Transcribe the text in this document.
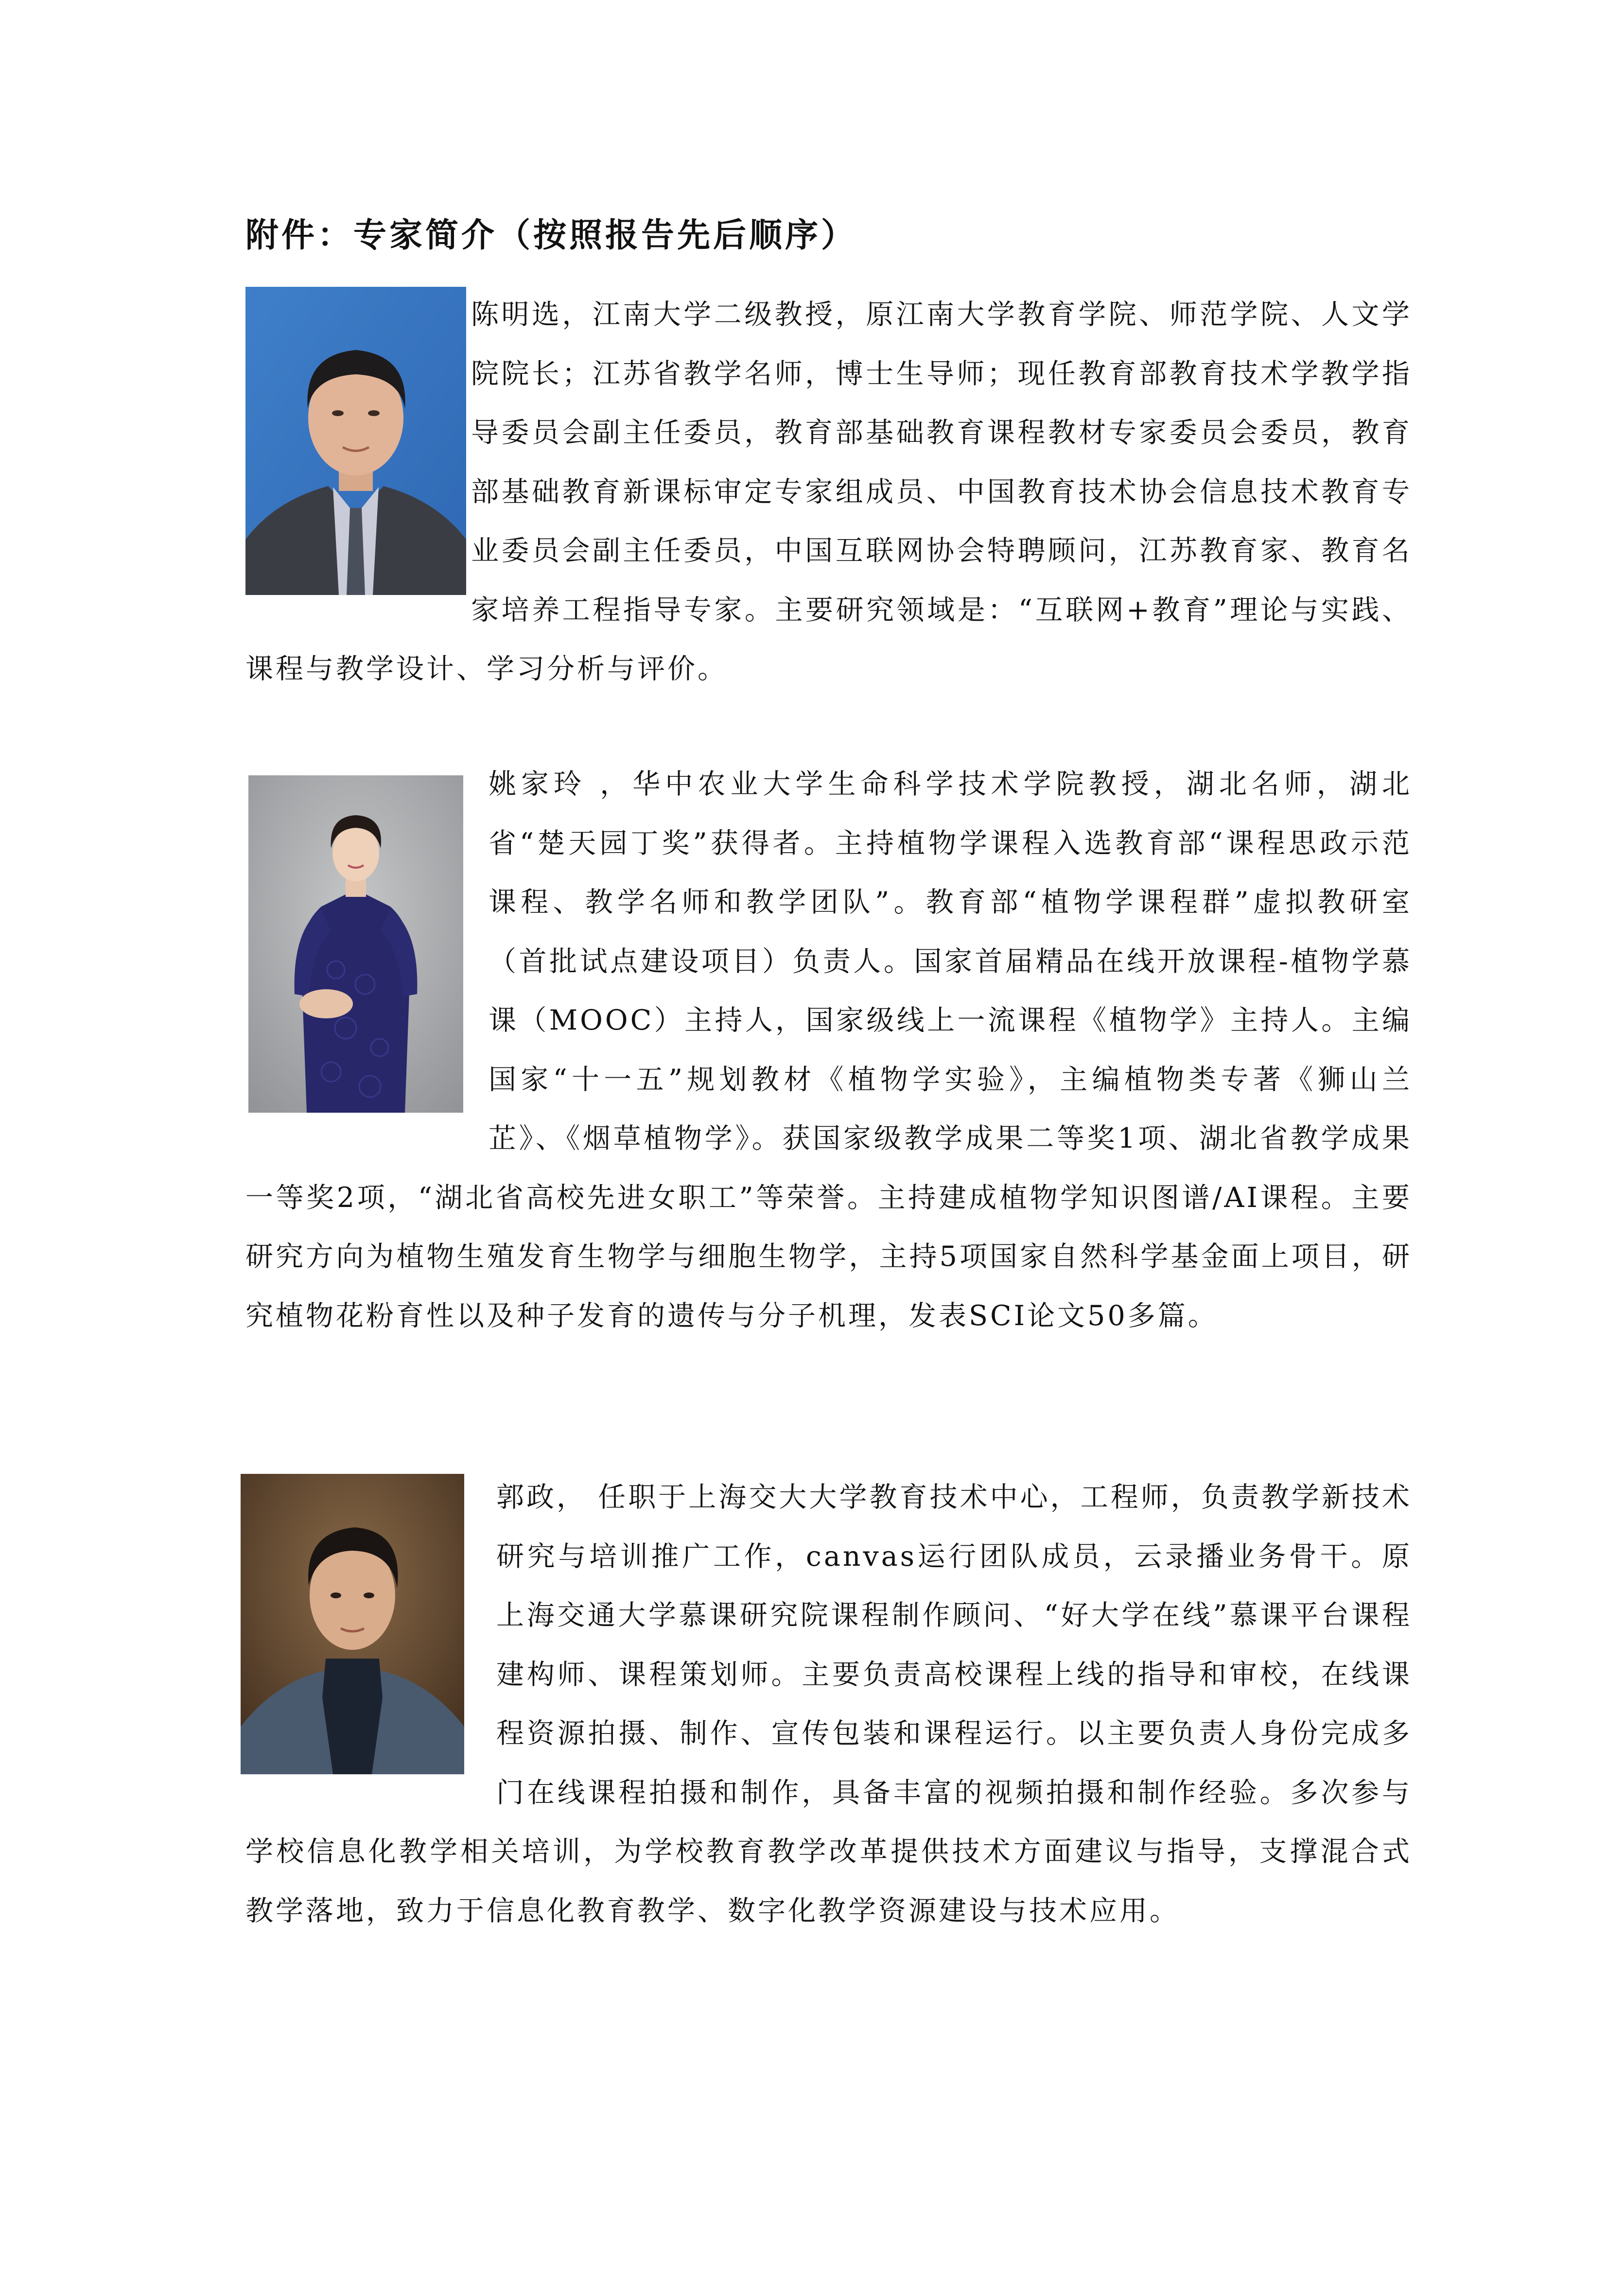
附件：专家简介（按照报告先后顺序）

陈明选，江南大学二级教授，原江南大学教育学院、师范学院、人文学院院长；江苏省教学名师，博士生导师；现任教育部教育技术学教学指导委员会副主任委员，教育部基础教育课程教材专家委员会委员，教育部基础教育新课标审定专家组成员、中国教育技术协会信息技术教育专业委员会副主任委员，中国互联网协会特聘顾问，江苏教育家、教育名家培养工程指导专家。主要研究领域是：“互联网+教育”理论与实践、课程与教学设计、学习分析与评价。

姚家玲 ，华中农业大学生命科学技术学院教授，湖北名师，湖北省“楚天园丁奖”获得者。主持植物学课程入选教育部“课程思政示范课程、教学名师和教学团队”。教育部“植物学课程群”虚拟教研室（首批试点建设项目）负责人。国家首届精品在线开放课程-植物学慕课（MOOC）主持人，国家级线上一流课程《植物学》主持人。主编国家“十一五”规划教材《植物学实验》，主编植物类专著《狮山兰芷》、《烟草植物学》。获国家级教学成果二等奖1项、湖北省教学成果一等奖2项，“湖北省高校先进女职工”等荣誉。主持建成植物学知识图谱/AI课程。主要研究方向为植物生殖发育生物学与细胞生物学，主持5项国家自然科学基金面上项目，研究植物花粉育性以及种子发育的遗传与分子机理，发表SCI论文50多篇。

郭政， 任职于上海交大大学教育技术中心，工程师，负责教学新技术研究与培训推广工作，canvas运行团队成员，云录播业务骨干。原上海交通大学慕课研究院课程制作顾问、“好大学在线”慕课平台课程建构师、课程策划师。主要负责高校课程上线的指导和审校，在线课程资源拍摄、制作、宣传包装和课程运行。以主要负责人身份完成多门在线课程拍摄和制作，具备丰富的视频拍摄和制作经验。多次参与学校信息化教学相关培训，为学校教育教学改革提供技术方面建议与指导，支撑混合式教学落地，致力于信息化教育教学、数字化教学资源建设与技术应用。
